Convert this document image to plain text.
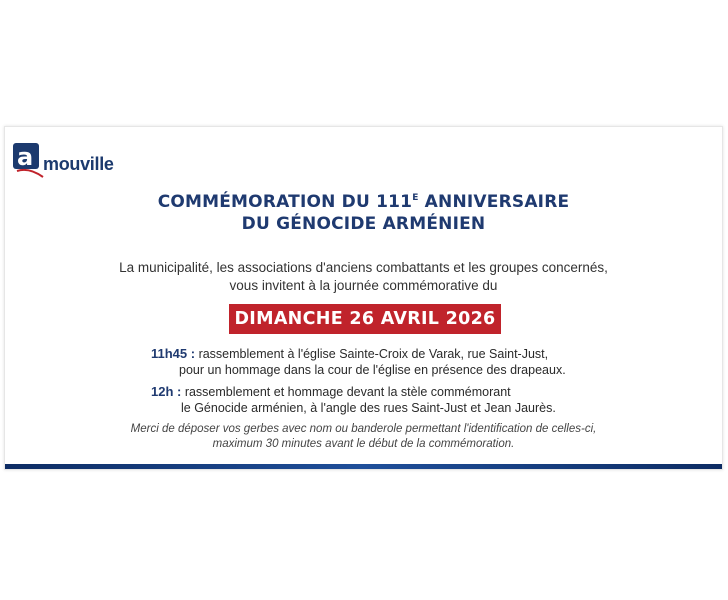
a mouville
COMMÉMORATION DU $111^E$ ANNIVERSAIRE
DU GÉNOCIDE ARMÉNIEN
La municipalité, les associations d'anciens combattants et les groupes concernés,
vous invitent à la journée commémorative du
DIMANCHE 26 AVRIL 2026
11h45 : rassemblement à l'église Sainte-Croix de Varak, rue Saint-Just,
pour un hommage dans la cour de l'église en présence des drapeaux.
12h : rassemblement et hommage devant la stèle commémorant
le Génocide arménien, à l'angle des rues Saint-Just et Jean Jaurès.
Merci de déposer vos gerbes avec nom ou banderole permettant l'identification de celles-ci,
maximum 30 minutes avant le début de la commémoration.
